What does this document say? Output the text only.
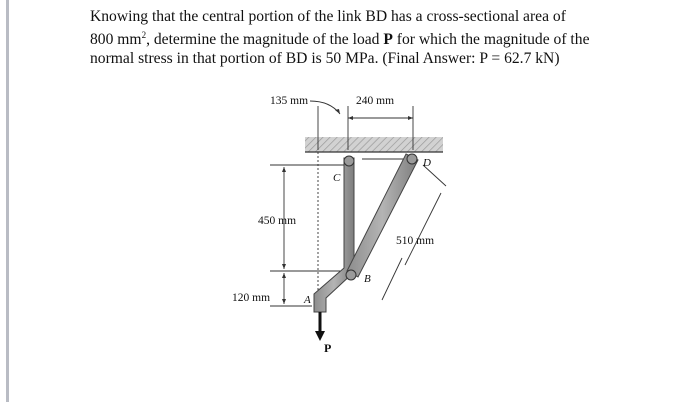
Knowing that the central portion of the link BD has a cross-sectional area of
800 $mm^2$, determine the magnitude of the load P for which the magnitude of the
normal stress in that portion of BD is 50 MPa. (Final Answer: P = 62.7 kN)

135 mm	240 mm
450 mm
120 mm
510 mm
A
B
C
D
P
